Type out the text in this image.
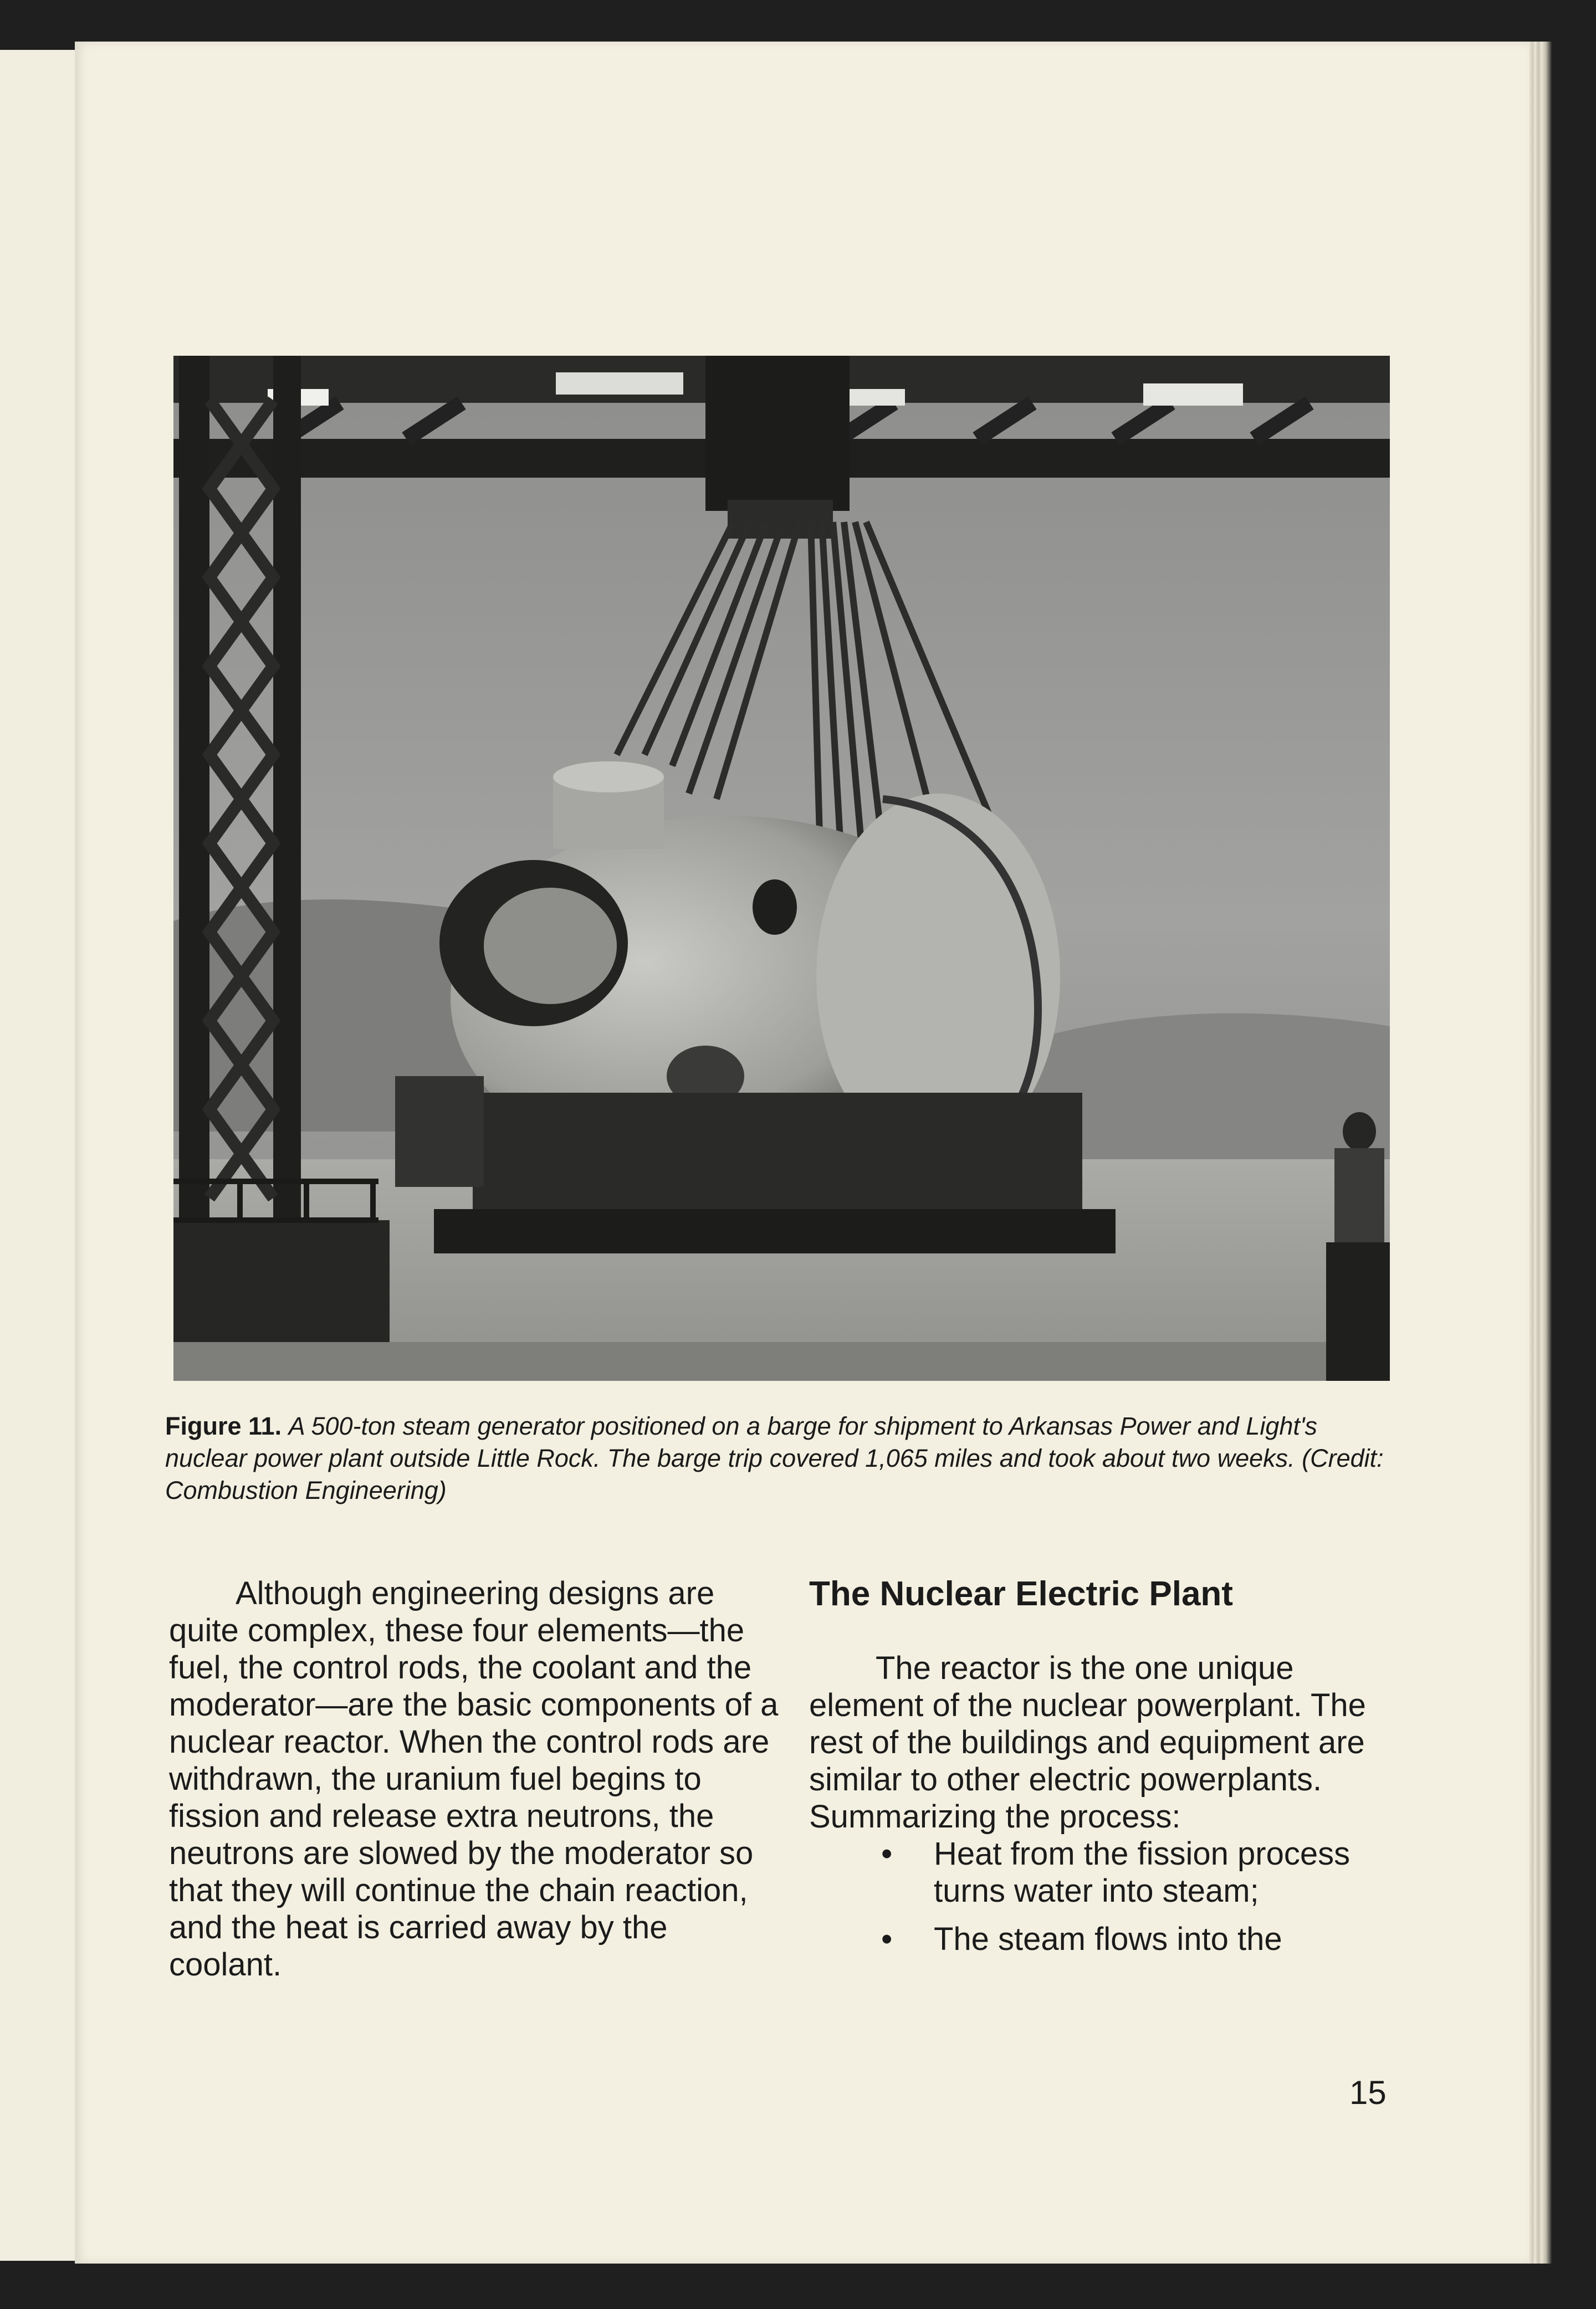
Figure 11. A 500-ton steam generator positioned on a barge for shipment to Arkansas Power and Light's nuclear power plant outside Little Rock. The barge trip covered 1,065 miles and took about two weeks. (Credit: Combustion Engineering)

Although engineering designs are quite complex, these four elements—the fuel, the control rods, the coolant and the moderator—are the basic components of a nuclear reactor. When the control rods are withdrawn, the uranium fuel begins to fission and release extra neutrons, the neutrons are slowed by the moderator so that they will continue the chain reaction, and the heat is carried away by the coolant.

The Nuclear Electric Plant

The reactor is the one unique element of the nuclear powerplant. The rest of the buildings and equipment are similar to other electric powerplants. Summarizing the process:

• Heat from the fission process turns water into steam;
• The steam flows into the
15
